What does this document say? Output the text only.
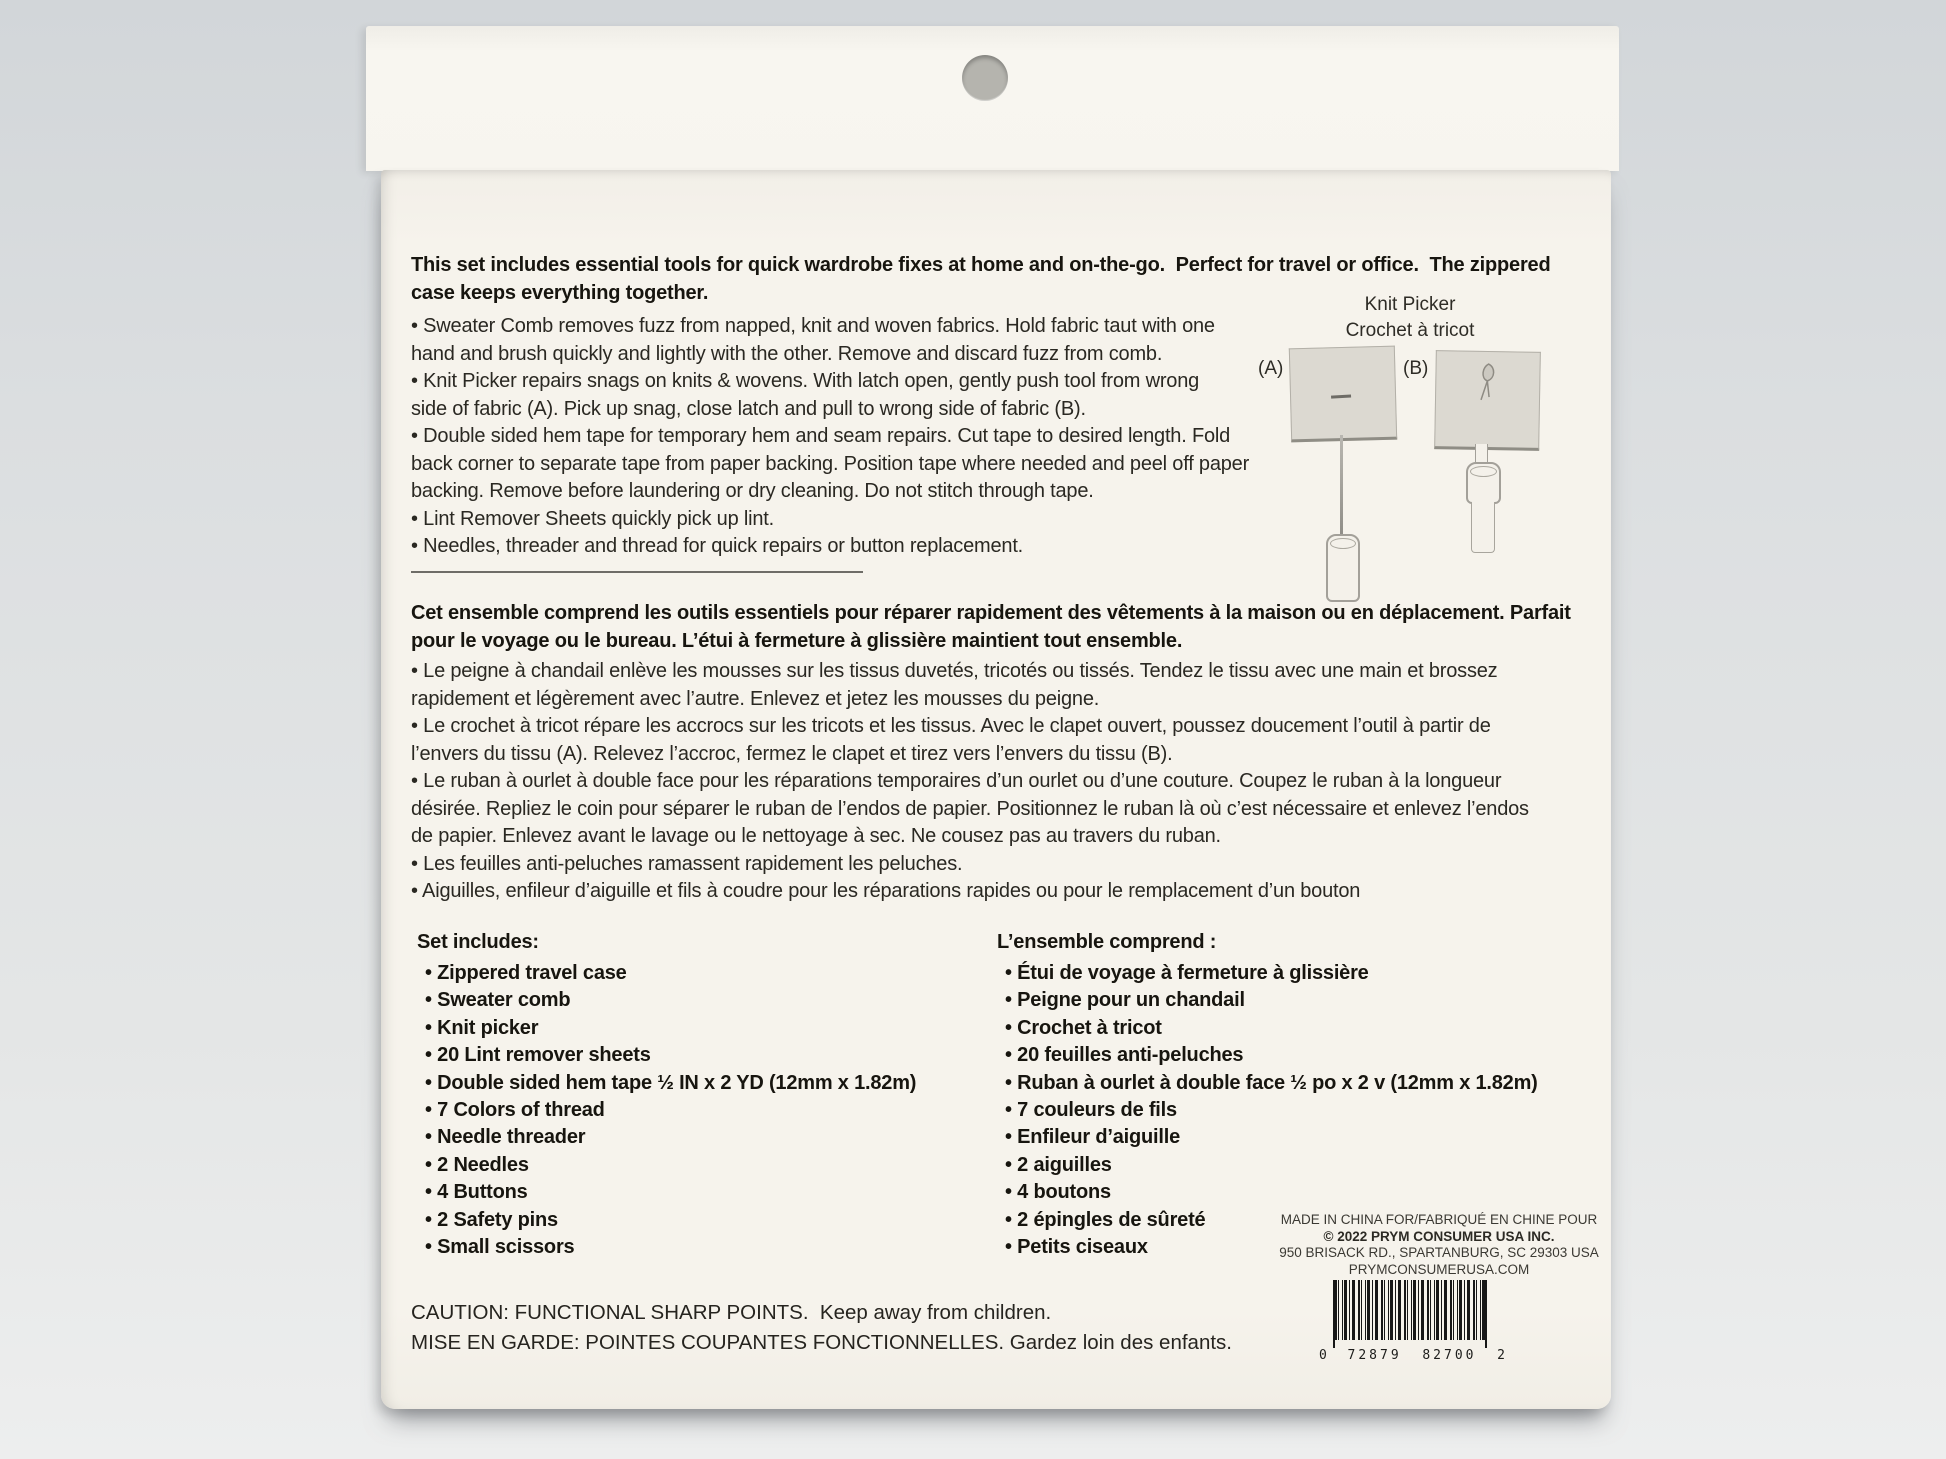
This set includes essential tools for quick wardrobe fixes at home and on-the-go.  Perfect for travel or office.  The zippered
case keeps everything together.
• Sweater Comb removes fuzz from napped, knit and woven fabrics. Hold fabric taut with one
hand and brush quickly and lightly with the other. Remove and discard fuzz from comb.
• Knit Picker repairs snags on knits & wovens. With latch open, gently push tool from wrong
side of fabric (A). Pick up snag, close latch and pull to wrong side of fabric (B).
• Double sided hem tape for temporary hem and seam repairs. Cut tape to desired length. Fold
back corner to separate tape from paper backing. Position tape where needed and peel off paper
backing. Remove before laundering or dry cleaning. Do not stitch through tape.
• Lint Remover Sheets quickly pick up lint.
• Needles, threader and thread for quick repairs or button replacement.
Knit Picker
Crochet à tricot
(A)	(B)
Cet ensemble comprend les outils essentiels pour réparer rapidement des vêtements à la maison ou en déplacement. Parfait
pour le voyage ou le bureau. L’étui à fermeture à glissière maintient tout ensemble.
• Le peigne à chandail enlève les mousses sur les tissus duvetés, tricotés ou tissés. Tendez le tissu avec une main et brossez
rapidement et légèrement avec l’autre. Enlevez et jetez les mousses du peigne.
• Le crochet à tricot répare les accrocs sur les tricots et les tissus. Avec le clapet ouvert, poussez doucement l’outil à partir de
l’envers du tissu (A). Relevez l’accroc, fermez le clapet et tirez vers l’envers du tissu (B).
• Le ruban à ourlet à double face pour les réparations temporaires d’un ourlet ou d’une couture. Coupez le ruban à la longueur
désirée. Repliez le coin pour séparer le ruban de l’endos de papier. Positionnez le ruban là où c’est nécessaire et enlevez l’endos
de papier. Enlevez avant le lavage ou le nettoyage à sec. Ne cousez pas au travers du ruban.
• Les feuilles anti-peluches ramassent rapidement les peluches.
• Aiguilles, enfileur d’aiguille et fils à coudre pour les réparations rapides ou pour le remplacement d’un bouton
Set includes:
• Zippered travel case
• Sweater comb
• Knit picker
• 20 Lint remover sheets
• Double sided hem tape ½ IN x 2 YD (12mm x 1.82m)
• 7 Colors of thread
• Needle threader
• 2 Needles
• 4 Buttons
• 2 Safety pins
• Small scissors
L’ensemble comprend :
• Étui de voyage à fermeture à glissière
• Peigne pour un chandail
• Crochet à tricot
• 20 feuilles anti-peluches
• Ruban à ourlet à double face ½ po x 2 v (12mm x 1.82m)
• 7 couleurs de fils
• Enfileur d’aiguille
• 2 aiguilles
• 4 boutons
• 2 épingles de sûreté
• Petits ciseaux
MADE IN CHINA FOR/FABRIQUÉ EN CHINE POUR
© 2022 PRYM CONSUMER USA INC.
950 BRISACK RD., SPARTANBURG, SC 29303 USA
PRYMCONSUMERUSA.COM
CAUTION: FUNCTIONAL SHARP POINTS.  Keep away from children.
MISE EN GARDE: POINTES COUPANTES FONCTIONNELLES. Gardez loin des enfants.
0 72879 82700 2
